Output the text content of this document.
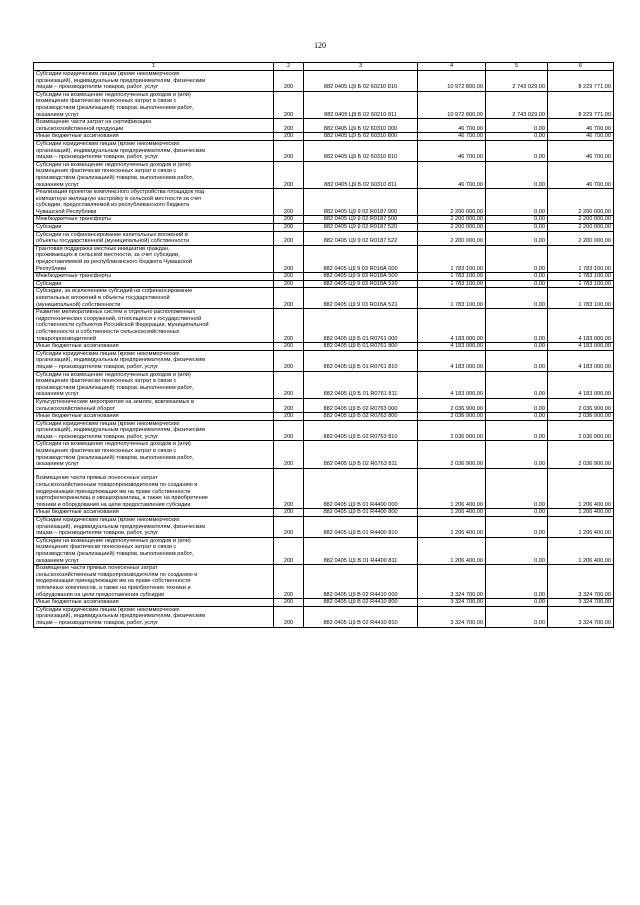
120
1	2	3	4	5	6

Субсидии юридическим лицам (кроме некоммерческих
организаций), индивидуальным предпринимателям, физическим
лицам – производителям товаров, работ, услуг	200	882 0405 Ц9 Б 02 60210 810	10 972 800,00	2 743 029,00	8 229 771,00

Субсидии на возмещение недополученных доходов и (или)
возмещение фактически понесенных затрат в связи с
производством (реализацией) товаров, выполнением работ,
оказанием услуг	200	882 0405 Ц9 Б 02 60210 811	10 972 800,00	2 743 029,00	8 229 771,00

Возмещение части затрат на сертификацию
сельскохозяйственной продукции	200	882 0405 Ц9 Б 02 60310 000	46 700,00	0,00	46 700,00

Иные бюджетные ассигнования	200	882 0405 Ц9 Б 02 60310 800	46 700,00	0,00	46 700,00

Субсидии юридическим лицам (кроме некоммерческих
организаций), индивидуальным предпринимателям, физическим
лицам – производителям товаров, работ, услуг	200	882 0405 Ц9 Б 02 60310 810	46 700,00	0,00	46 700,00

Субсидии на возмещение недополученных доходов и (или)
возмещение фактически понесенных затрат в связи с
производством (реализацией) товаров, выполнением работ,
оказанием услуг	200	882 0405 Ц9 Б 02 60310 811	46 700,00	0,00	46 700,00

Реализация проектов комплексного обустройства площадок под
компактную жилищную застройку в сельской местности за счет
субсидии, предоставляемой из республиканского бюджета
Чувашской Республики	200	882 0405 Ц9 9 02 R0187 000	2 200 000,00	0,00	2 200 000,00

Межбюджетные трансферты	200	882 0405 Ц9 9 02 R0187 500	2 200 000,00	0,00	2 200 000,00

Субсидии	200	882 0405 Ц9 9 02 R0187 520	2 200 000,00	0,00	2 200 000,00

Субсидии на софинансирование капитальных вложений в
объекты государственной (муниципальной) собственности	200	882 0405 Ц9 9 02 R0187 522	2 200 000,00	0,00	2 200 000,00

Грантовая поддержка местных инициатив граждан,
проживающих в сельской местности, за счет субсидии,
предоставляемой из республиканского бюджета Чувашской
Республики	200	882 0405 Ц9 9 03 R018А 000	1 783 100,00	0,00	1 783 100,00

Межбюджетные трансферты	200	882 0405 Ц9 9 03 R018А 500	1 783 100,00	0,00	1 783 100,00

Субсидии	200	882 0405 Ц9 9 03 R018А 520	1 783 100,00	0,00	1 783 100,00

Субсидии, за исключением субсидий на софинансирование
капитальных вложений в объекты государственной
(муниципальной) собственности	200	882 0405 Ц9 9 03 R018А 521	1 783 100,00	0,00	1 783 100,00

Развитие мелиоративных систем и отдельно расположенных
гидротехнических сооружений, относящихся к государственной
собственности субъектов Российской Федерации, муниципальной
собственности и собственности сельскохозяйственных
товаропроизводителей	200	882 0405 Ц9 Б 01 R0761 000	4 183 000,00	0,00	4 183 000,00

Иные бюджетные ассигнования	200	882 0405 Ц9 Б 01 R0761 800	4 183 000,00	0,00	4 183 000,00

Субсидии юридическим лицам (кроме некоммерческих
организаций), индивидуальным предпринимателям, физическим
лицам – производителям товаров, работ, услуг	200	882 0405 Ц9 Б 01 R0761 810	4 183 000,00	0,00	4 183 000,00

Субсидии на возмещение недополученных доходов и (или)
возмещение фактически понесенных затрат в связи с
производством (реализацией) товаров, выполнением работ,
оказанием услуг	200	882 0405 Ц9 Б 01 R0761 811	4 183 000,00	0,00	4 183 000,00

Культуртехнические мероприятия на землях, вовлекаемых в
сельскохозяйственный оборот	200	882 0405 Ц9 Б 02 R0763 000	2 036 900,00	0,00	2 036 900,00

Иные бюджетные ассигнования	200	882 0405 Ц9 Б 02 R0763 800	2 036 900,00	0,00	2 036 900,00

Субсидии юридическим лицам (кроме некоммерческих
организаций), индивидуальным предпринимателям, физическим
лицам – производителям товаров, работ, услуг	200	882 0405 Ц9 Б 02 R0763 810	2 036 900,00	0,00	2 036 900,00

Субсидии на возмещение недополученных доходов и (или)
возмещение фактически понесенных затрат в связи с
производством (реализацией) товаров, выполнением работ,
оказанием услуг	200	882 0405 Ц9 Б 02 R0763 811	2 036 900,00	0,00	2 036 900,00

Возмещение части прямых понесенных затрат
сельскохозяйственным товаропроизводителям по созданию и
модернизации принадлежащих им на праве собственности
картофелехранилищ и овощехранилищ, а также на приобретение
техники и оборудования на цели предоставления субсидии	200	882 0405 Ц9 В 01 R4400 000	1 206 400,00	0,00	1 206 400,00

Иные бюджетные ассигнования	200	882 0405 Ц9 В 01 R4400 800	1 206 400,00	0,00	1 206 400,00

Субсидии юридическим лицам (кроме некоммерческих
организаций), индивидуальным предпринимателям, физическим
лицам – производителям товаров, работ, услуг	200	882 0405 Ц9 В 01 R4400 810	1 206 400,00	0,00	1 206 400,00

Субсидии на возмещение недополученных доходов и (или)
возмещение фактически понесенных затрат в связи с
производством (реализацией) товаров, выполнением работ,
оказанием услуг	200	882 0405 Ц9 В 01 R4400 811	1 206 400,00	0,00	1 206 400,00

Возмещение части прямых понесенных затрат
сельскохозяйственным товаропроизводителям по созданию и
модернизации принадлежащих им на праве собственности
тепличных комплексов, а также на приобретение техники и
оборудования на цели предоставления субсидии	200	882 0405 Ц9 В 02 R4410 000	3 324 700,00	0,00	3 324 700,00

Иные бюджетные ассигнования	200	882 0405 Ц9 В 02 R4410 800	3 324 700,00	0,00	3 324 700,00

Субсидии юридическим лицам (кроме некоммерческих
организаций), индивидуальным предпринимателям, физическим
лицам – производителям товаров, работ, услуг	200	882 0405 Ц9 В 02 R4410 810	3 324 700,00	0,00	3 324 700,00
